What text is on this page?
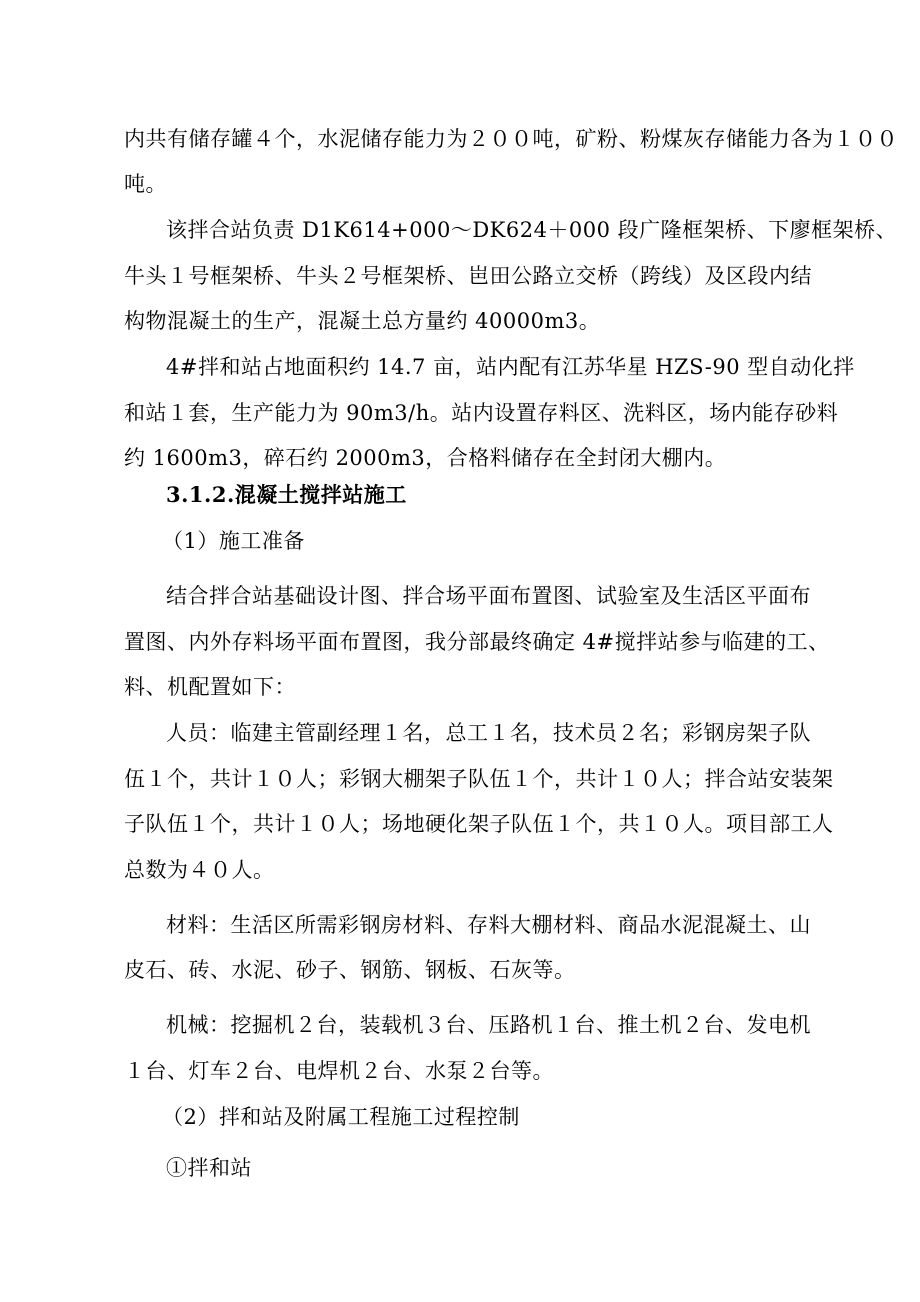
内共有储存罐４个，水泥储存能力为２００吨，矿粉、粉煤灰存储能力各为１００
吨。
该拌合站负责 D1K614+000～DK624＋000 段广隆框架桥、下廖框架桥、
牛头１号框架桥、牛头２号框架桥、岜田公路立交桥（跨线）及区段内结
构物混凝土的生产，混凝土总方量约 40000m3。
4#拌和站占地面积约 14.7 亩，站内配有江苏华星 HZS-90 型自动化拌
和站１套，生产能力为 90m3/h。站内设置存料区、洗料区，场内能存砂料
约 1600m3，碎石约 2000m3，合格料储存在全封闭大棚内。
3.1.2.混凝土搅拌站施工
（1）施工准备
结合拌合站基础设计图、拌合场平面布置图、试验室及生活区平面布
置图、内外存料场平面布置图，我分部最终确定 4#搅拌站参与临建的工、
料、机配置如下：
人员：临建主管副经理１名，总工１名，技术员２名；彩钢房架子队
伍１个，共计１０人；彩钢大棚架子队伍１个，共计１０人；拌合站安装架
子队伍１个，共计１０人；场地硬化架子队伍１个，共１０人。项目部工人
总数为４０人。
材料：生活区所需彩钢房材料、存料大棚材料、商品水泥混凝土、山
皮石、砖、水泥、砂子、钢筋、钢板、石灰等。
机械：挖掘机２台，装载机３台、压路机１台、推土机２台、发电机
１台、灯车２台、电焊机２台、水泵２台等。
（2）拌和站及附属工程施工过程控制
①拌和站
